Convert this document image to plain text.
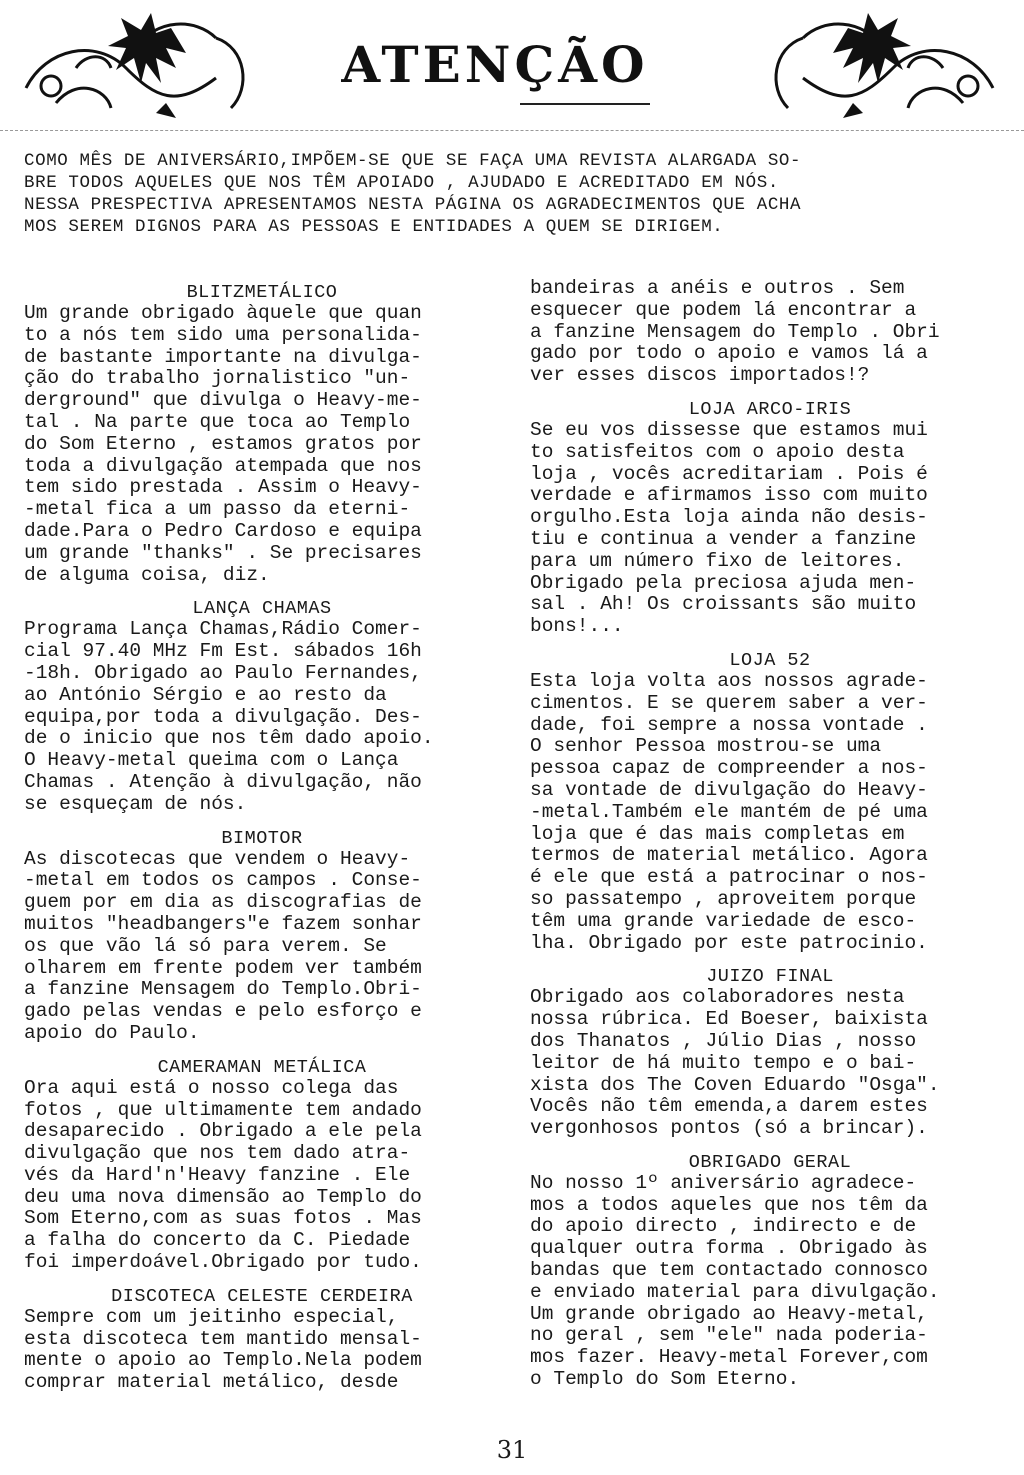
ATENÇÃO

COMO MÊS DE ANIVERSÁRIO,IMPÕEM-SE QUE SE FAÇA UMA REVISTA ALARGADA SO-
BRE TODOS AQUELES QUE NOS TÊM APOIADO , AJUDADO E ACREDITADO EM NÓS.
NESSA PRESPECTIVA APRESENTAMOS NESTA PÁGINA OS AGRADECIMENTOS QUE ACHA
MOS SEREM DIGNOS PARA AS PESSOAS E ENTIDADES A QUEM SE DIRIGEM.

BLITZMETÁLICO

Um grande obrigado àquele que quan
to a nós tem sido uma personalida-
de bastante importante na divulga-
ção do trabalho jornalistico "un-
derground" que divulga o Heavy-me-
tal . Na parte que toca ao Templo
do Som Eterno , estamos gratos por
toda a divulgação atempada que nos
tem sido prestada . Assim o Heavy-
-metal fica a um passo da eterni-
dade.Para o Pedro Cardoso e equipa
um grande "thanks" . Se precisares
de alguma coisa, diz.

LANÇA CHAMAS

Programa Lança Chamas,Rádio Comer-
cial 97.40 MHz Fm Est. sábados 16h
-18h. Obrigado ao Paulo Fernandes,
ao António Sérgio e ao resto da
equipa,por toda a divulgação. Des-
de o inicio que nos têm dado apoio.
O Heavy-metal queima com o Lança
Chamas . Atenção à divulgação, não
se esqueçam de nós.

BIMOTOR

As discotecas que vendem o Heavy-
-metal em todos os campos . Conse-
guem por em dia as discografias de
muitos "headbangers"e fazem sonhar
os que vão lá só para verem. Se
olharem em frente podem ver também
a fanzine Mensagem do Templo.Obri-
gado pelas vendas e pelo esforço e
apoio do Paulo.

CAMERAMAN METÁLICA

Ora aqui está o nosso colega das
fotos , que ultimamente tem andado
desaparecido . Obrigado a ele pela
divulgação que nos tem dado atra-
vés da Hard'n'Heavy fanzine . Ele
deu uma nova dimensão ao Templo do
Som Eterno,com as suas fotos . Mas
a falha do concerto da C. Piedade
foi imperdoável.Obrigado por tudo.

DISCOTECA CELESTE CERDEIRA

Sempre com um jeitinho especial,
esta discoteca tem mantido mensal-
mente o apoio ao Templo.Nela podem
comprar material metálico, desde

bandeiras a anéis e outros . Sem
esquecer que podem lá encontrar a
a fanzine Mensagem do Templo . Obri
gado por todo o apoio e vamos lá a
ver esses discos importados!?

LOJA ARCO-IRIS

Se eu vos dissesse que estamos mui
to satisfeitos com o apoio desta
loja , vocês acreditariam . Pois é
verdade e afirmamos isso com muito
orgulho.Esta loja ainda não desis-
tiu e continua a vender a fanzine
para um número fixo de leitores.
Obrigado pela preciosa ajuda men-
sal . Ah! Os croissants são muito
bons!...

LOJA 52

Esta loja volta aos nossos agrade-
cimentos. E se querem saber a ver-
dade, foi sempre a nossa vontade .
O senhor Pessoa mostrou-se uma
pessoa capaz de compreender a nos-
sa vontade de divulgação do Heavy-
-metal.Também ele mantém de pé uma
loja que é das mais completas em
termos de material metálico. Agora
é ele que está a patrocinar o nos-
so passatempo , aproveitem porque
têm uma grande variedade de esco-
lha. Obrigado por este patrocinio.

JUIZO FINAL

Obrigado aos colaboradores nesta
nossa rúbrica. Ed Boeser, baixista
dos Thanatos , Júlio Dias , nosso
leitor de há muito tempo e o bai-
xista dos The Coven Eduardo "Osga".
Vocês não têm emenda,a darem estes
vergonhosos pontos (só a brincar).

OBRIGADO GERAL

No nosso 1º aniversário agradece-
mos a todos aqueles que nos têm da
do apoio directo , indirecto e de
qualquer outra forma . Obrigado às
bandas que tem contactado connosco
e enviado material para divulgação.
Um grande obrigado ao Heavy-metal,
no geral , sem "ele" nada poderia-
mos fazer. Heavy-metal Forever,com
o Templo do Som Eterno.

31
